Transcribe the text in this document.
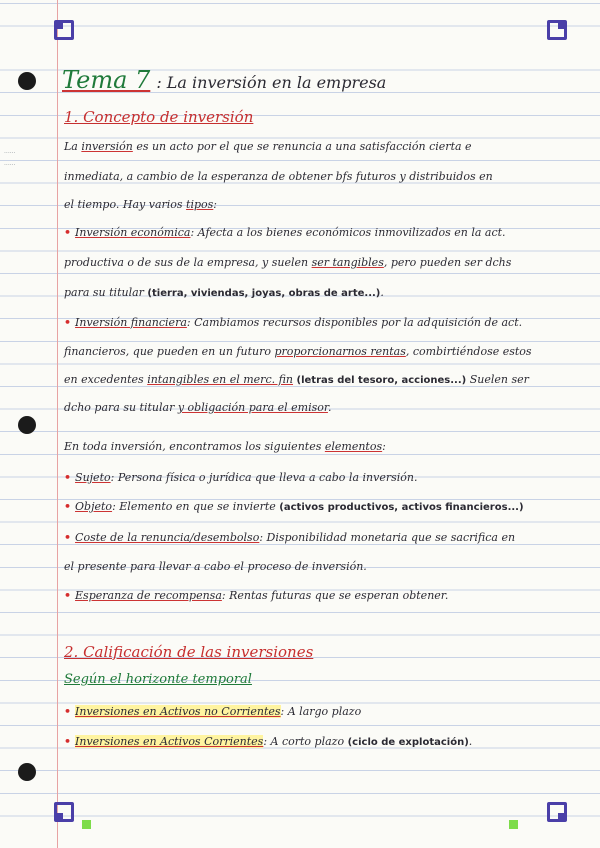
......
......
Tema 7 : La inversión en la empresa
1. Concepto de inversión
La inversión es un acto por el que se renuncia a una satisfacción cierta e
inmediata, a cambio de la esperanza de obtener bfs futuros y distribuidos en
el tiempo. Hay varios tipos:
• Inversión económica: Afecta a los bienes económicos inmovilizados en la act.
productiva o de sus de la empresa, y suelen ser tangibles, pero pueden ser dchs
para su titular (tierra, viviendas, joyas, obras de arte...).
• Inversión financiera: Cambiamos recursos disponibles por la adquisición de act.
financieros, que pueden en un futuro proporcionarnos rentas, combirtiéndose estos
en excedentes intangibles en el merc. fin (letras del tesoro, acciones...) Suelen ser
dcho para su titular y obligación para el emisor.
En toda inversión, encontramos los siguientes elementos:
• Sujeto: Persona física o jurídica que lleva a cabo la inversión.
• Objeto: Elemento en que se invierte (activos productivos, activos financieros...)
• Coste de la renuncia/desembolso: Disponibilidad monetaria que se sacrifica en
el presente para llevar a cabo el proceso de inversión.
• Esperanza de recompensa: Rentas futuras que se esperan obtener.
2. Calificación de las inversiones
Según el horizonte temporal
• Inversiones en Activos no Corrientes: A largo plazo
• Inversiones en Activos Corrientes: A corto plazo (ciclo de explotación).
